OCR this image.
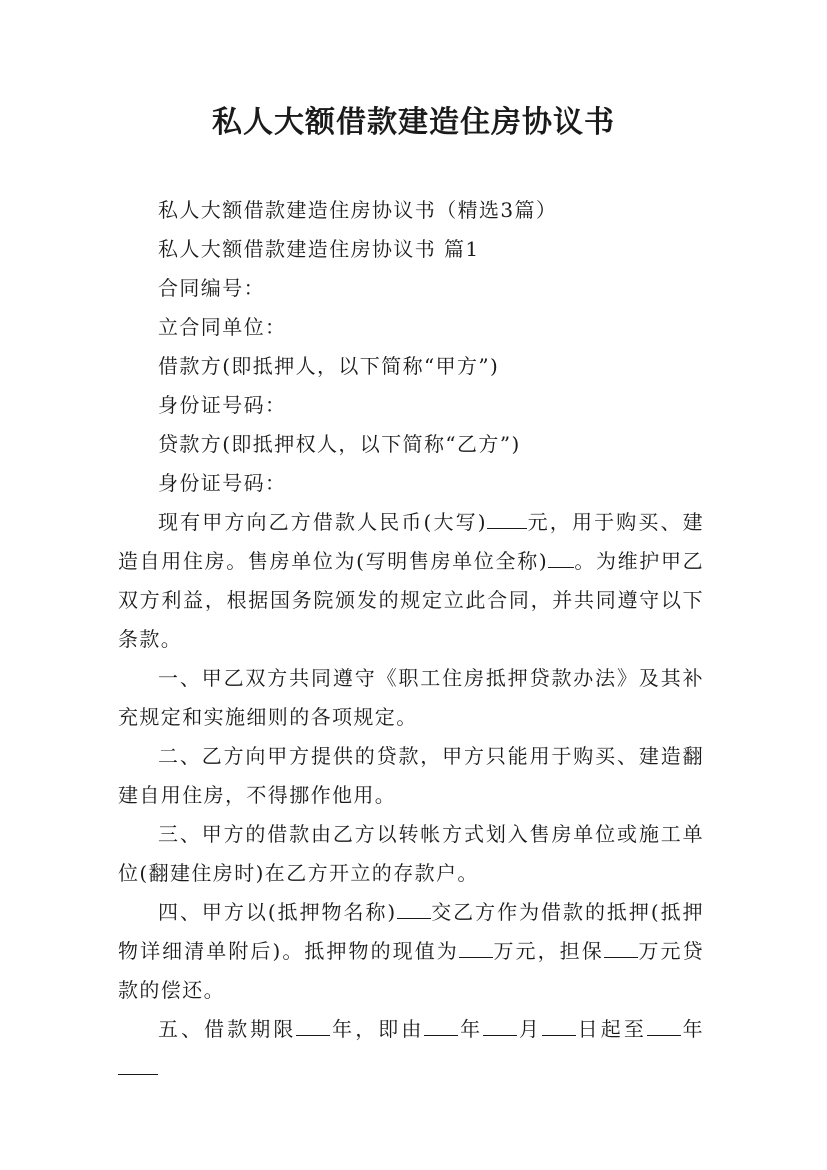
私人大额借款建造住房协议书

私人大额借款建造住房协议书（精选3篇）

私人大额借款建造住房协议书 篇1

合同编号：

立合同单位：

借款方(即抵押人，以下简称“甲方”)

身份证号码：

贷款方(即抵押权人，以下简称“乙方”)

身份证号码：

现有甲方向乙方借款人民币(大写) 元，用于购买、建造自用住房。售房单位为(写明售房单位全称) 。为维护甲乙双方利益，根据国务院颁发的规定立此合同，并共同遵守以下条款。

一、甲乙双方共同遵守《职工住房抵押贷款办法》及其补充规定和实施细则的各项规定。

二、乙方向甲方提供的贷款，甲方只能用于购买、建造翻建自用住房，不得挪作他用。

三、甲方的借款由乙方以转帐方式划入售房单位或施工单位(翻建住房时)在乙方开立的存款户。

四、甲方以(抵押物名称) 交乙方作为借款的抵押(抵押物详细清单附后)。抵押物的现值为 万元，担保 万元贷款的偿还。

五、借款期限 年，即由 年 月 日起至 年
